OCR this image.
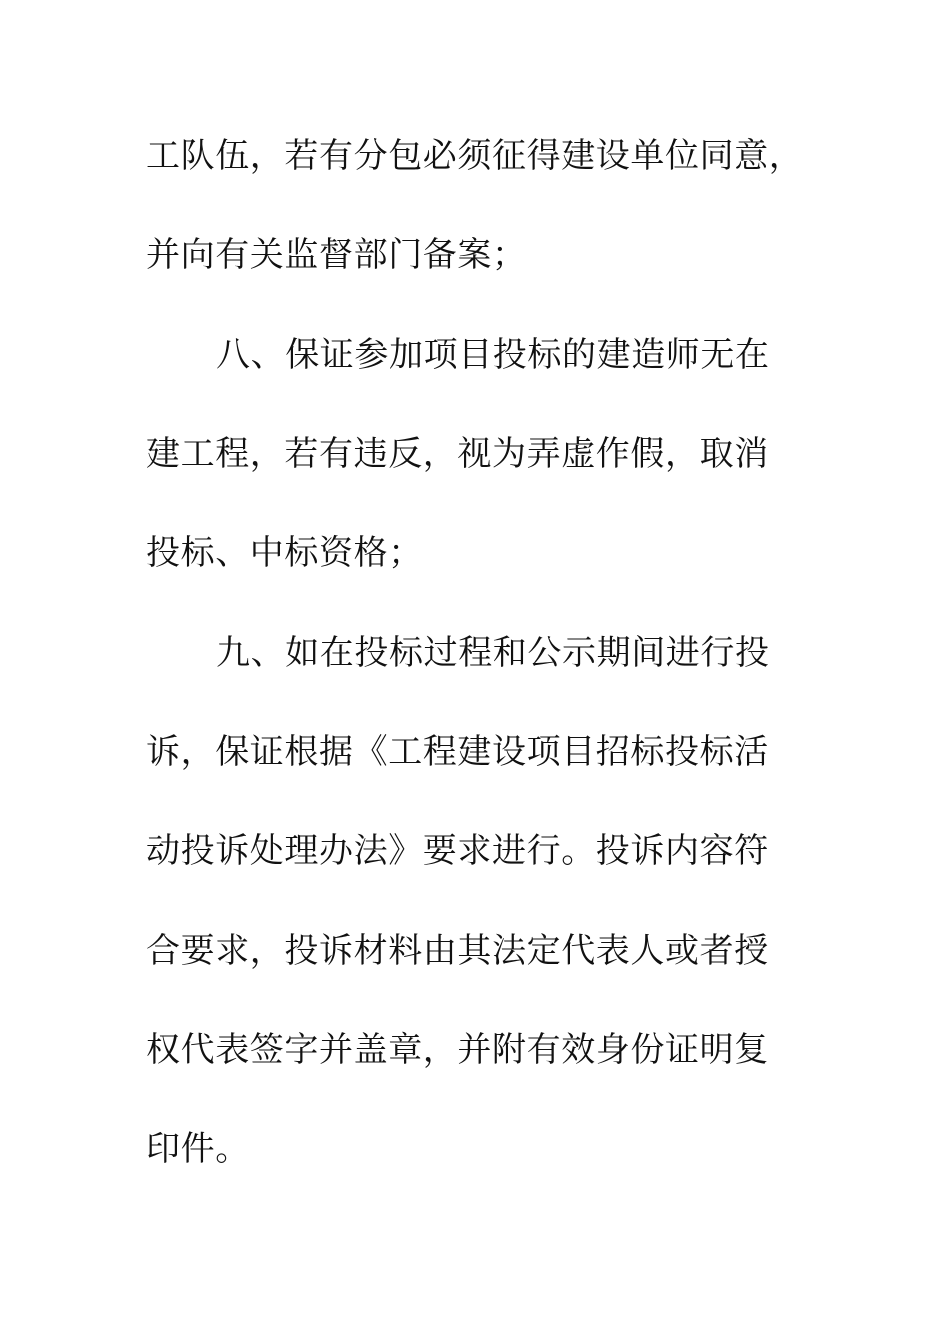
工队伍，若有分包必须征得建设单位同意，
并向有关监督部门备案；
八、保证参加项目投标的建造师无在
建工程，若有违反，视为弄虚作假，取消
投标、中标资格；
九、如在投标过程和公示期间进行投
诉，保证根据《工程建设项目招标投标活
动投诉处理办法》要求进行。投诉内容符
合要求，投诉材料由其法定代表人或者授
权代表签字并盖章，并附有效身份证明复
印件。
